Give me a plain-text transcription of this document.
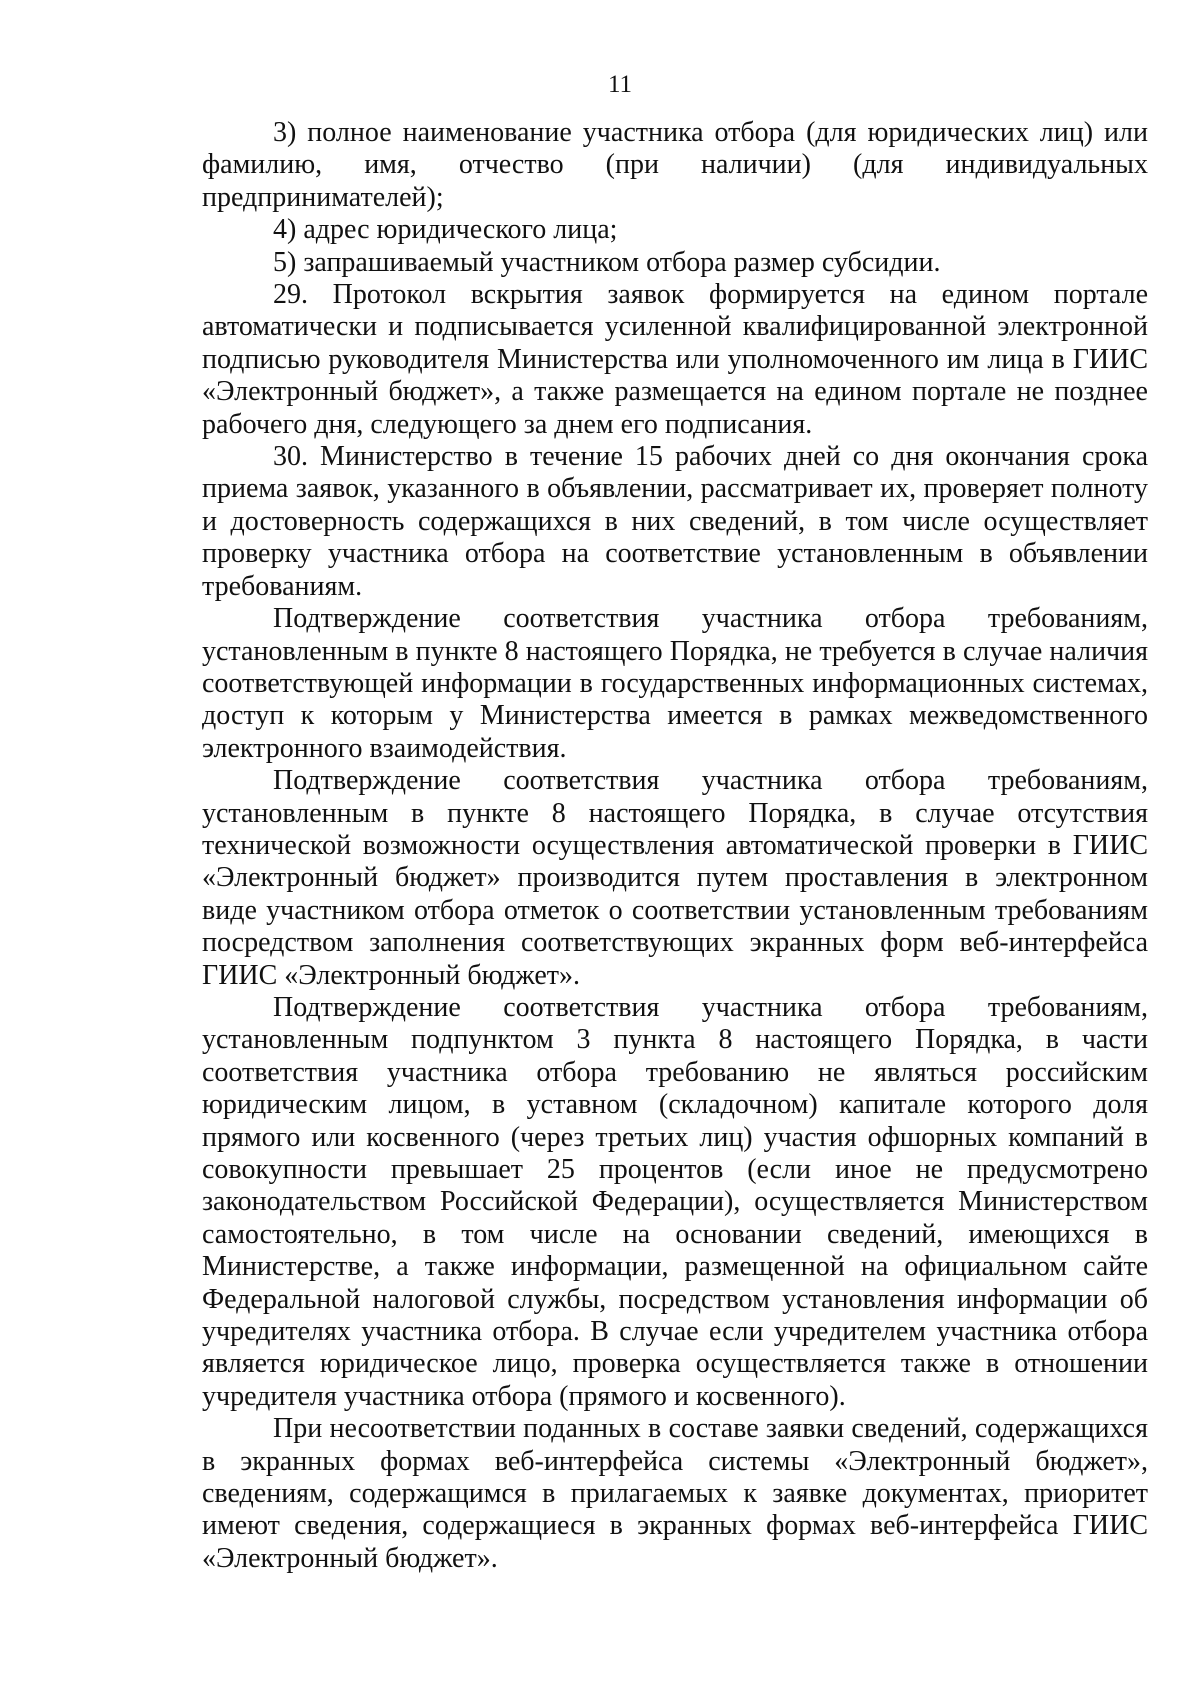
11

3) полное наименование участника отбора (для юридических лиц) или фамилию, имя, отчество (при наличии) (для индивидуальных предпринимателей);

4) адрес юридического лица;

5) запрашиваемый участником отбора размер субсидии.

29. Протокол вскрытия заявок формируется на едином портале автоматически и подписывается усиленной квалифицированной электронной подписью руководителя Министерства или уполномоченного им лица в ГИИС «Электронный бюджет», а также размещается на едином портале не позднее рабочего дня, следующего за днем его подписания.

30. Министерство в течение 15 рабочих дней со дня окончания срока приема заявок, указанного в объявлении, рассматривает их, проверяет полноту и достоверность содержащихся в них сведений, в том числе осуществляет проверку участника отбора на соответствие установленным в объявлении требованиям.

Подтверждение соответствия участника отбора требованиям, установленным в пункте 8 настоящего Порядка, не требуется в случае наличия соответствующей информации в государственных информационных системах, доступ к которым у Министерства имеется в рамках межведомственного электронного взаимодействия.

Подтверждение соответствия участника отбора требованиям, установленным в пункте 8 настоящего Порядка, в случае отсутствия технической возможности осуществления автоматической проверки в ГИИС «Электронный бюджет» производится путем проставления в электронном виде участником отбора отметок о соответствии установленным требованиям посредством заполнения соответствующих экранных форм веб-интерфейса ГИИС «Электронный бюджет».

Подтверждение соответствия участника отбора требованиям, установленным подпунктом 3 пункта 8 настоящего Порядка, в части соответствия участника отбора требованию не являться российским юридическим лицом, в уставном (складочном) капитале которого доля прямого или косвенного (через третьих лиц) участия офшорных компаний в совокупности превышает 25 процентов (если иное не предусмотрено законодательством Российской Федерации), осуществляется Министерством самостоятельно, в том числе на основании сведений, имеющихся в Министерстве, а также информации, размещенной на официальном сайте Федеральной налоговой службы, посредством установления информации об учредителях участника отбора. В случае если учредителем участника отбора является юридическое лицо, проверка осуществляется также в отношении учредителя участника отбора (прямого и косвенного).

При несоответствии поданных в составе заявки сведений, содержащихся в экранных формах веб-интерфейса системы «Электронный бюджет», сведениям, содержащимся в прилагаемых к заявке документах, приоритет имеют сведения, содержащиеся в экранных формах веб-интерфейса ГИИС «Электронный бюджет».
